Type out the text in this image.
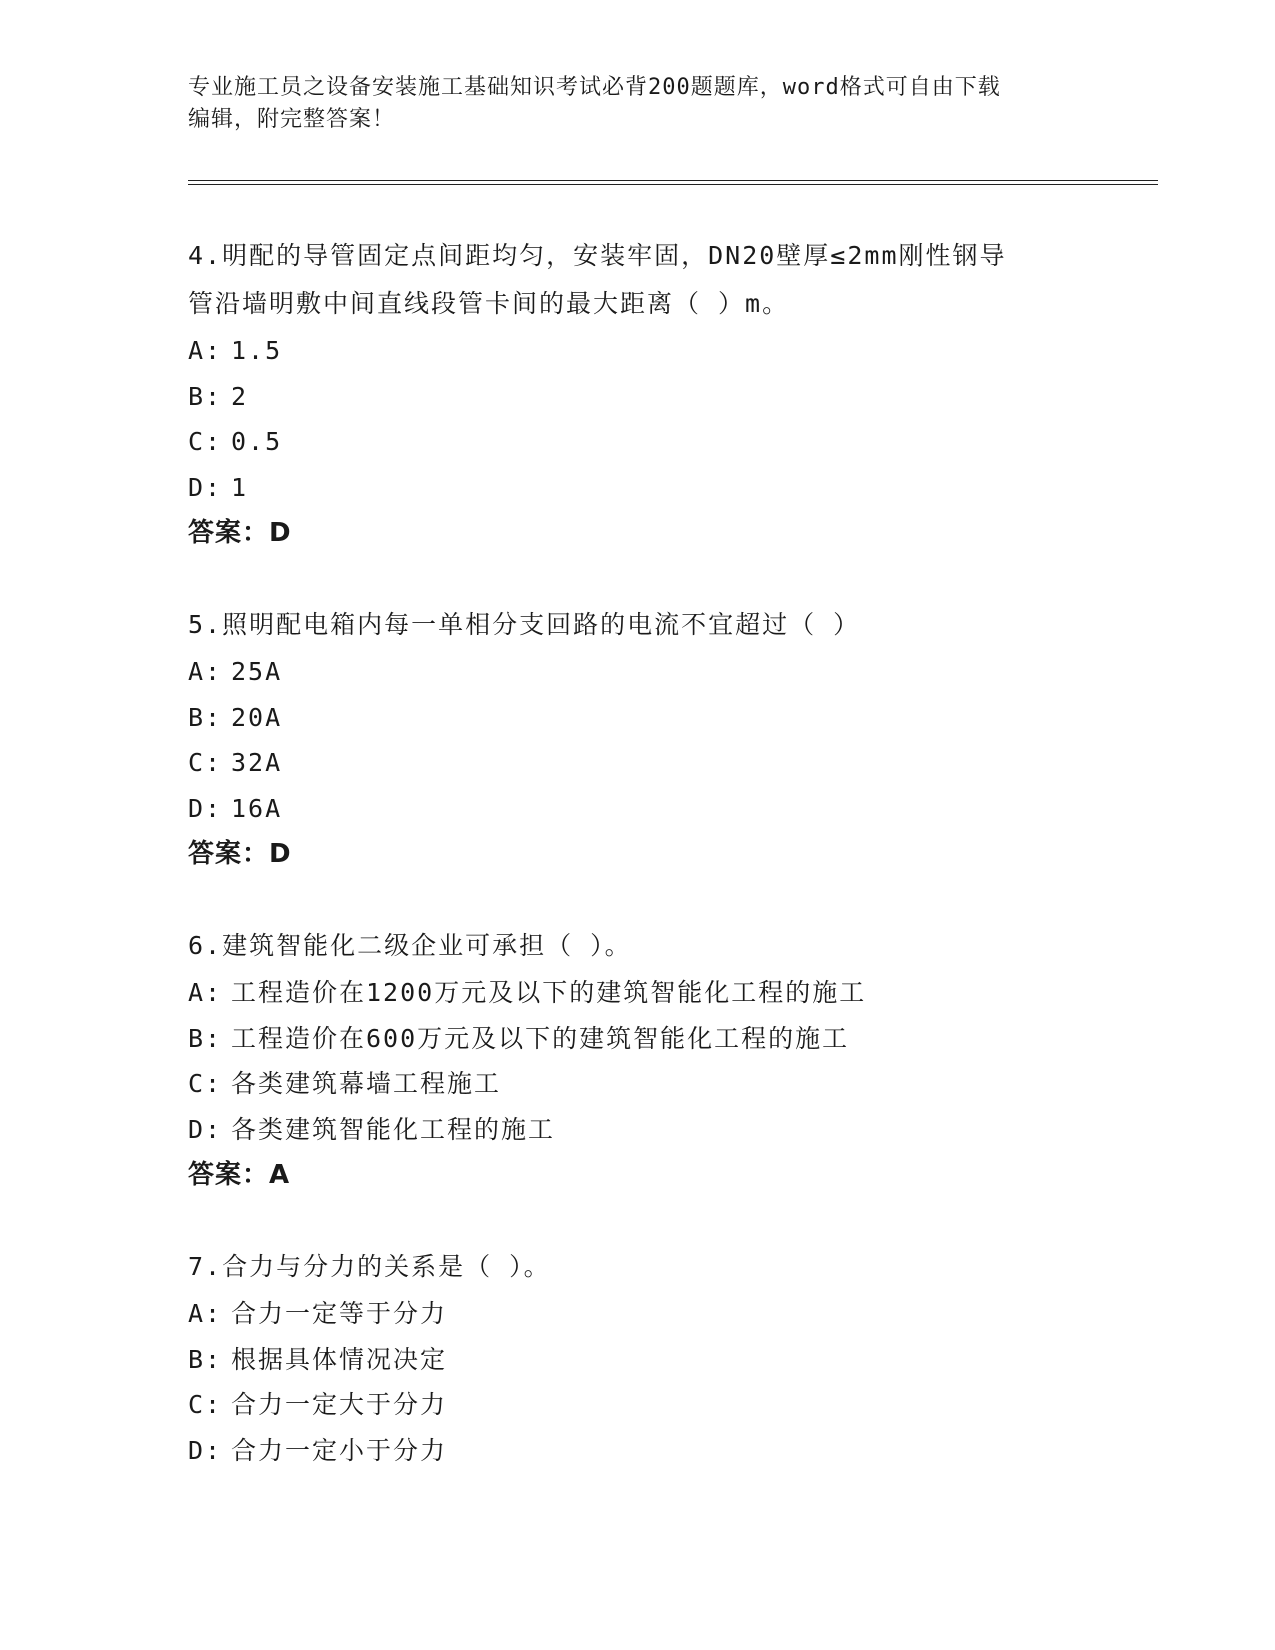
专业施工员之设备安装施工基础知识考试必背200题题库，word格式可自由下载
编辑，附完整答案！
4.明配的导管固定点间距均匀，安装牢固，DN20壁厚≤2mm刚性钢导
管沿墙明敷中间直线段管卡间的最大距离（ ）m。
A: 1.5
B: 2
C: 0.5
D: 1
答案：D
5.照明配电箱内每一单相分支回路的电流不宜超过（ ）
A: 25A
B: 20A
C: 32A
D: 16A
答案：D
6.建筑智能化二级企业可承担（ ）。
A: 工程造价在1200万元及以下的建筑智能化工程的施工
B: 工程造价在600万元及以下的建筑智能化工程的施工
C: 各类建筑幕墙工程施工
D: 各类建筑智能化工程的施工
答案：A
7.合力与分力的关系是（ ）。
A: 合力一定等于分力
B: 根据具体情况决定
C: 合力一定大于分力
D: 合力一定小于分力
